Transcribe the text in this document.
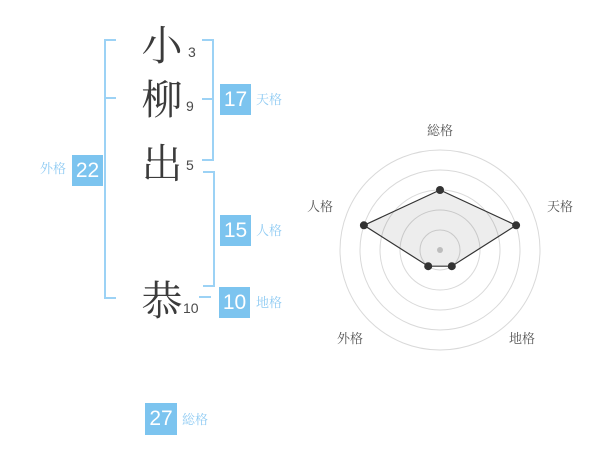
小
柳
出
恭
3
9
5
10
22
17
15
10
27
外格
天格
人格
地格
総格
総格
天格
地格
外格
人格
